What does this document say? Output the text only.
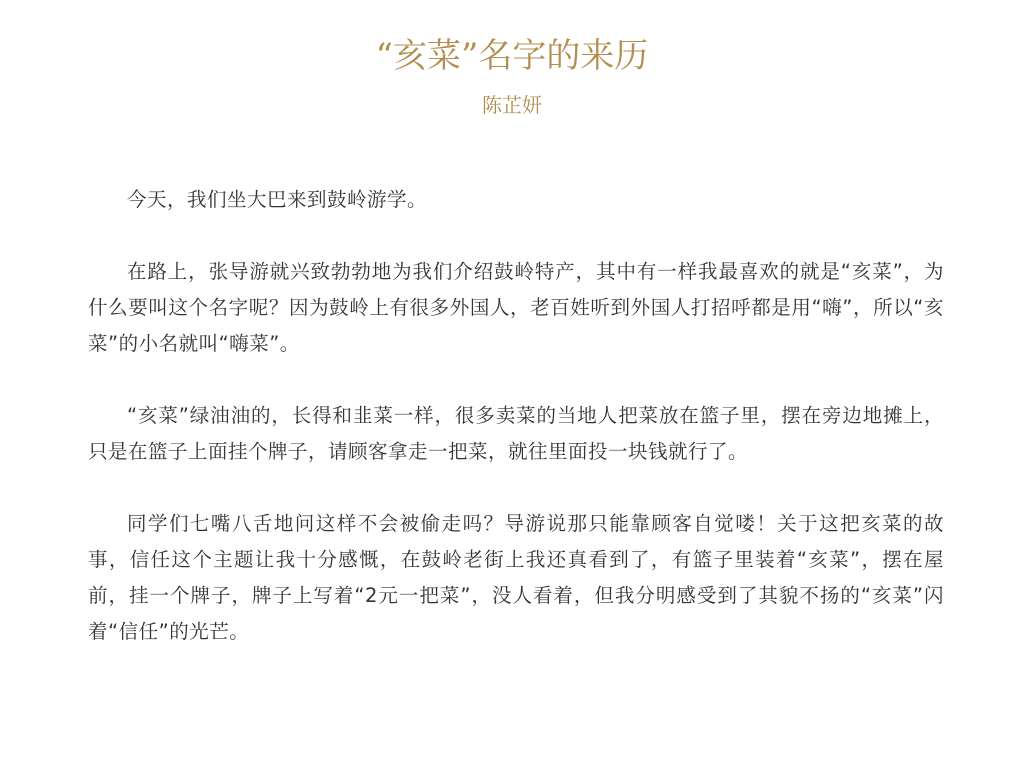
“亥菜”名字的来历
陈芷妍

今天，我们坐大巴来到鼓岭游学。

在路上，张导游就兴致勃勃地为我们介绍鼓岭特产，其中有一样我最喜欢的就是“亥菜”，为什么要叫这个名字呢？因为鼓岭上有很多外国人，老百姓听到外国人打招呼都是用“嗨”，所以“亥菜”的小名就叫“嗨菜”。

“亥菜”绿油油的，长得和韭菜一样，很多卖菜的当地人把菜放在篮子里，摆在旁边地摊上，只是在篮子上面挂个牌子，请顾客拿走一把菜，就往里面投一块钱就行了。

同学们七嘴八舌地问这样不会被偷走吗？导游说那只能靠顾客自觉喽！关于这把亥菜的故事，信任这个主题让我十分感慨，在鼓岭老街上我还真看到了，有篮子里装着“亥菜”，摆在屋前，挂一个牌子，牌子上写着“2元一把菜”，没人看着，但我分明感受到了其貌不扬的“亥菜”闪着“信任”的光芒。
